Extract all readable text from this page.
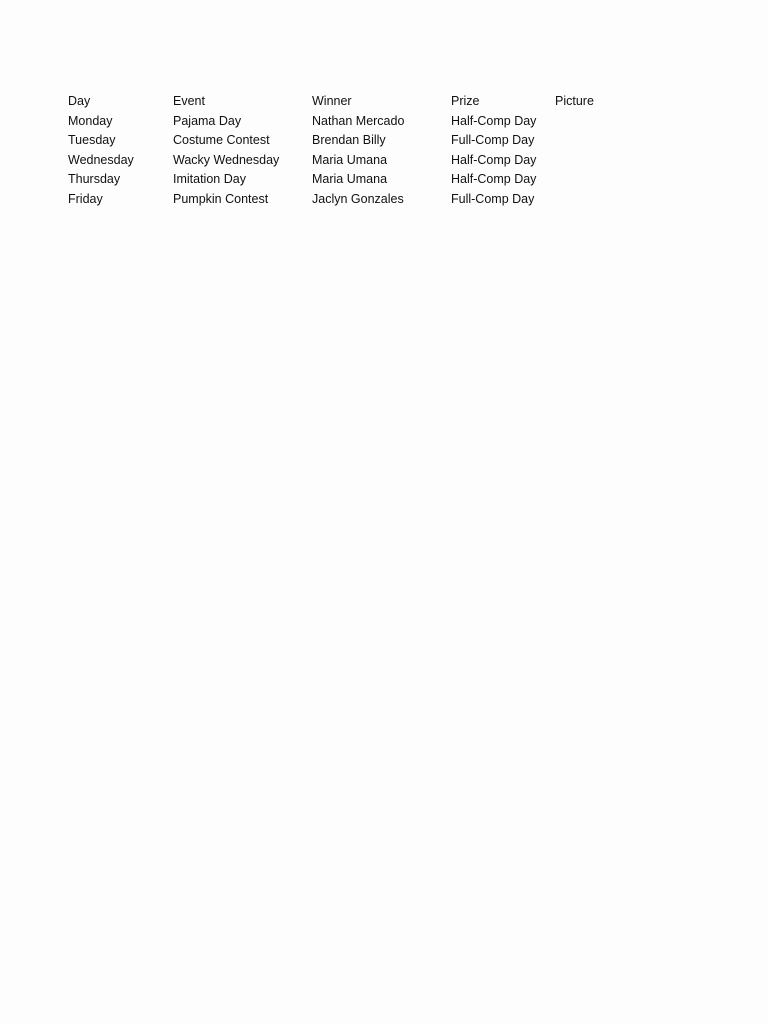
Day	Event	Winner	Prize	Picture
Monday	Pajama Day	Nathan Mercado	Half-Comp Day	
Tuesday	Costume Contest	Brendan Billy	Full-Comp Day	
Wednesday	Wacky Wednesday	Maria Umana	Half-Comp Day	
Thursday	Imitation Day	Maria Umana	Half-Comp Day	
Friday	Pumpkin Contest	Jaclyn Gonzales	Full-Comp Day	
